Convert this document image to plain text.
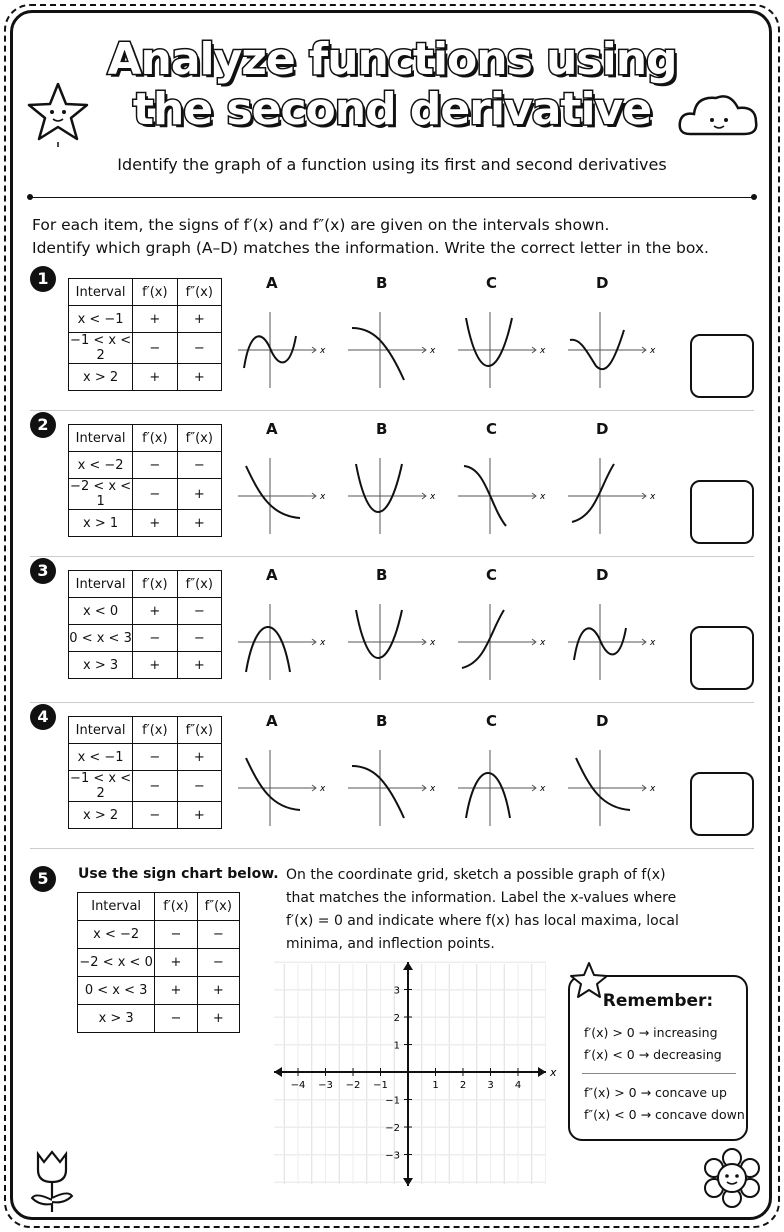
Analyze functions using
the second derivative
Identify the graph of a function using its first and second derivatives
For each item, the signs of f′(x) and f″(x) are given on the intervals shown.
Identify which graph (A–D) matches the information. Write the correct letter in the box.
1
Interval	f′(x)	f″(x)
x < −1	+	+
−1 < x < 2	−	−
x > 2	+	+
A
x
B
x
C
x
D
x
2
Interval	f′(x)	f″(x)
x < −2	−	−
−2 < x < 1	−	+
x > 1	+	+
A
x
B
x
C
x
D
x
3
Interval	f′(x)	f″(x)
x < 0	+	−
0 < x < 3	−	−
x > 3	+	+
A
x
B
x
C
x
D
x
4
Interval	f′(x)	f″(x)
x < −1	−	+
−1 < x < 2	−	−
x > 2	−	+
A
x
B
x
C
x
D
x
5	Use the sign chart below. On the coordinate grid, sketch a possible graph of f(x) that matches the information. Label the x-values where f′(x) = 0 and indicate where f(x) has local maxima, local minima, and inflection points.
Interval	f′(x)	f″(x)
x < −2	−	−
−2 < x < 0	+	−
0 < x < 3	+	+
x > 3	−	+
x
−4 −3 −2 −1	1 2 3 4
3
2
1
−1
−2
−3
Remember:
f′(x) > 0 → increasing
f′(x) < 0 → decreasing
f″(x) > 0 → concave up
f″(x) < 0 → concave down
